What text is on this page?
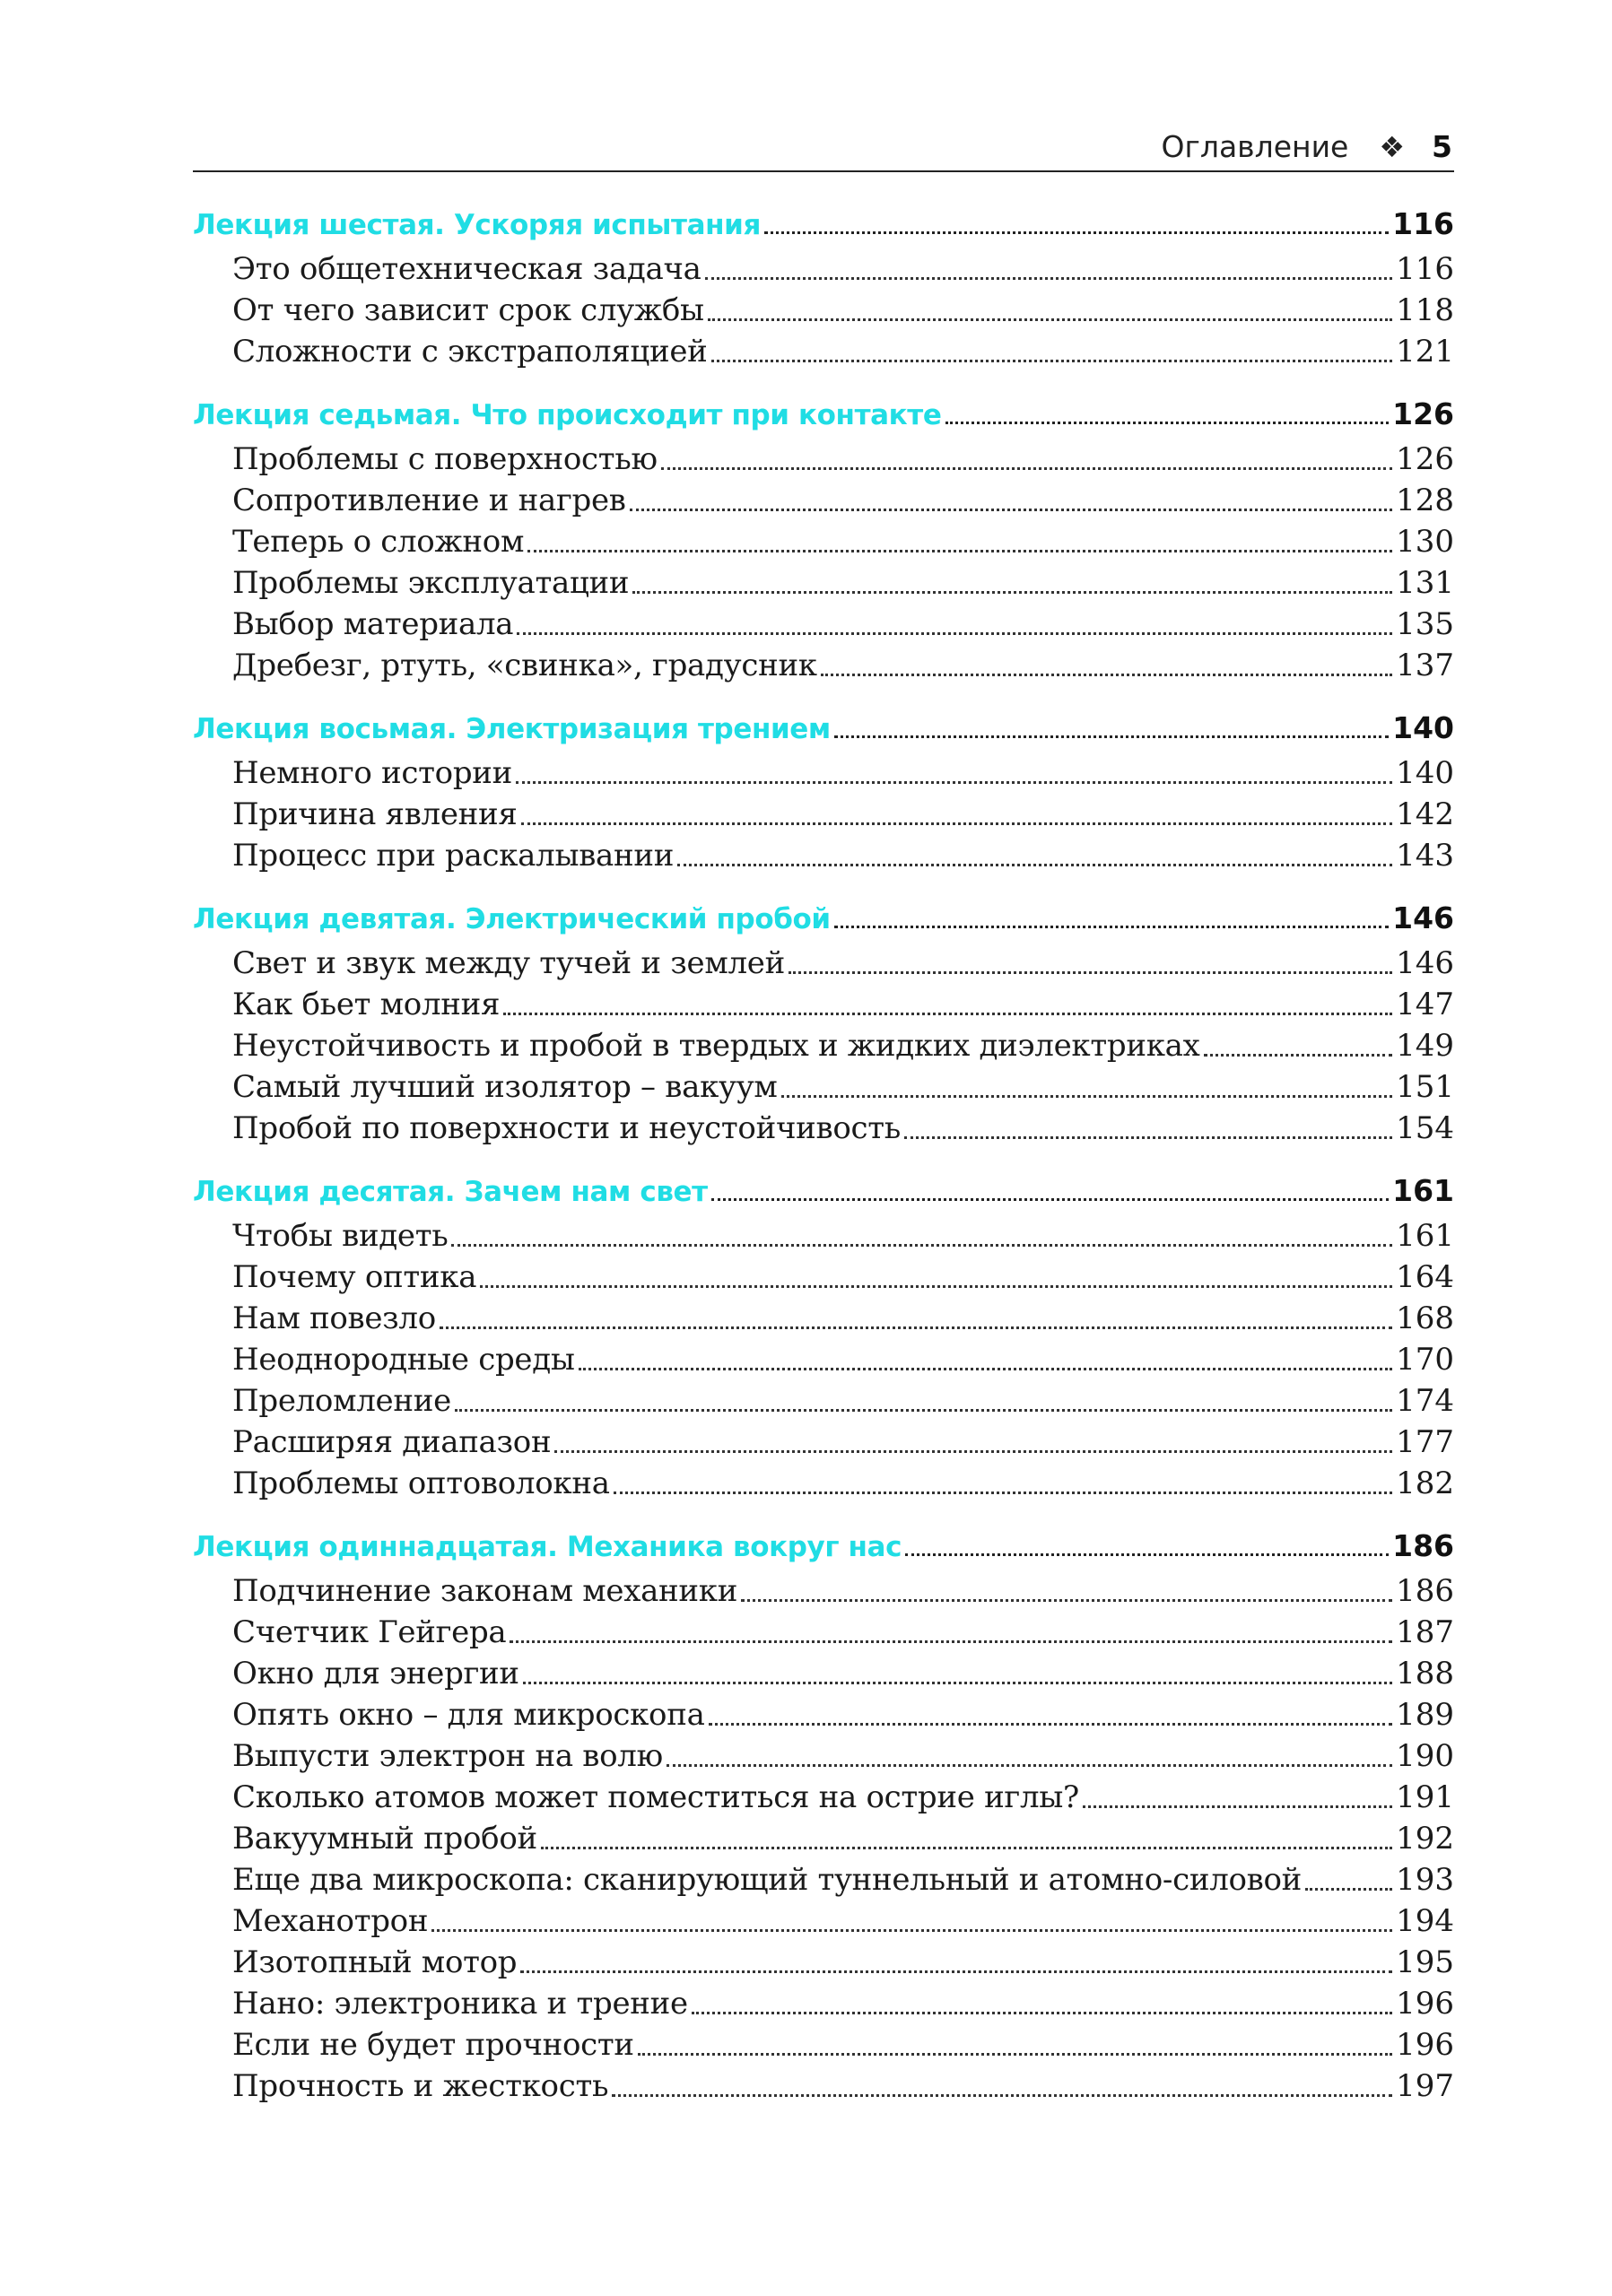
Оглавление ❖ 5
Лекция шестая. Ускоряя испытания	116
Это общетехническая задача	116
От чего зависит срок службы	118
Сложности с экстраполяцией	121
Лекция седьмая. Что происходит при контакте	126
Проблемы с поверхностью	126
Сопротивление и нагрев	128
Теперь о сложном	130
Проблемы эксплуатации	131
Выбор материала	135
Дребезг, ртуть, «свинка», градусник	137
Лекция восьмая. Электризация трением	140
Немного истории	140
Причина явления	142
Процесс при раскалывании	143
Лекция девятая. Электрический пробой	146
Свет и звук между тучей и землей	146
Как бьет молния	147
Неустойчивость и пробой в твердых и жидких диэлектриках	149
Самый лучший изолятор – вакуум	151
Пробой по поверхности и неустойчивость	154
Лекция десятая. Зачем нам свет	161
Чтобы видеть	161
Почему оптика	164
Нам повезло	168
Неоднородные среды	170
Преломление	174
Расширяя диапазон	177
Проблемы оптоволокна	182
Лекция одиннадцатая. Механика вокруг нас	186
Подчинение законам механики	186
Счетчик Гейгера	187
Окно для энергии	188
Опять окно – для микроскопа	189
Выпусти электрон на волю	190
Сколько атомов может поместиться на острие иглы?	191
Вакуумный пробой	192
Еще два микроскопа: сканирующий туннельный и атомно-силовой	193
Механотрон	194
Изотопный мотор	195
Нано: электроника и трение	196
Если не будет прочности	196
Прочность и жесткость	197
